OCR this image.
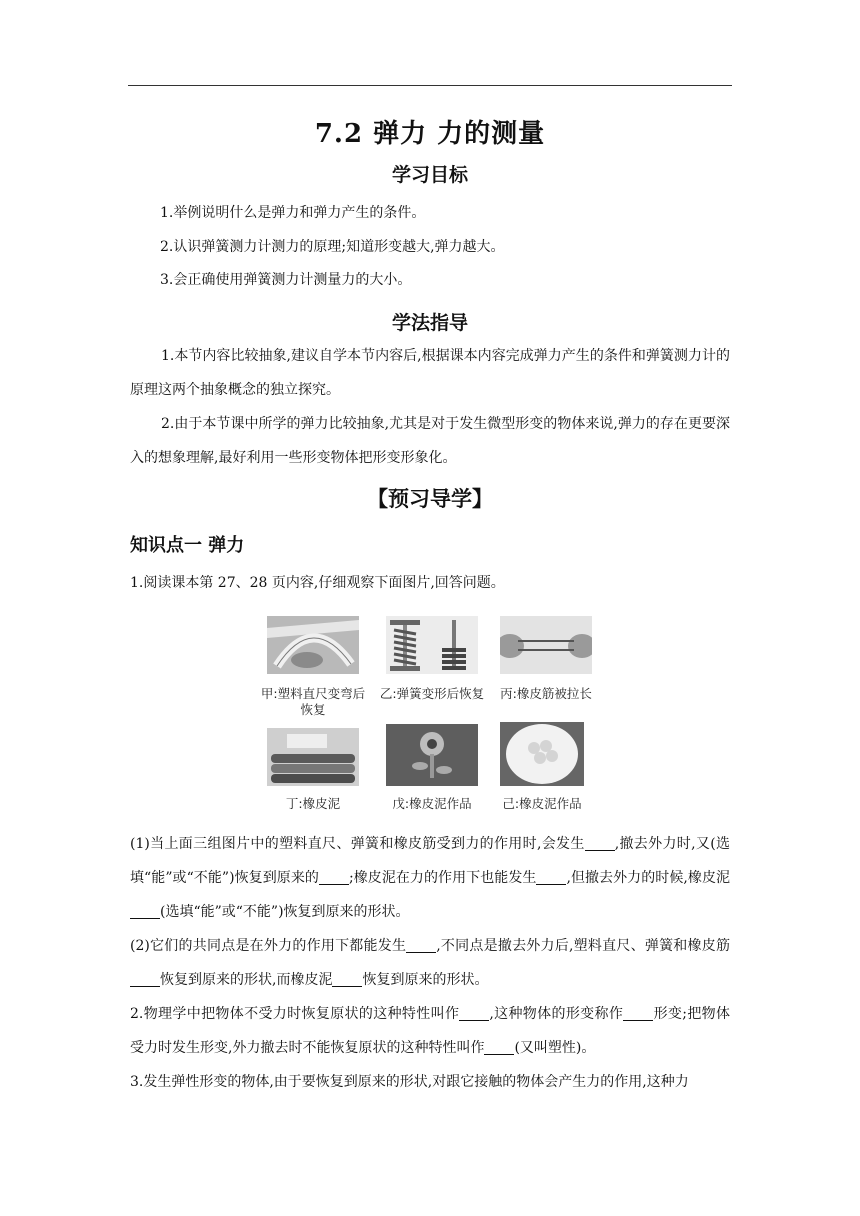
7.2 弹力 力的测量
学习目标
1.举例说明什么是弹力和弹力产生的条件。
2.认识弹簧测力计测力的原理;知道形变越大,弹力越大。
3.会正确使用弹簧测力计测量力的大小。
学法指导
1.本节内容比较抽象,建议自学本节内容后,根据课本内容完成弹力产生的条件和弹簧测力计的原理这两个抽象概念的独立探究。
2.由于本节课中所学的弹力比较抽象,尤其是对于发生微型形变的物体来说,弹力的存在更要深入的想象理解,最好利用一些形变物体把形变形象化。
【预习导学】
知识点一 弹力
1.阅读课本第 27、28 页内容,仔细观察下面图片,回答问题。
甲:塑料直尺变弯后恢复
乙:弹簧变形后恢复	丙:橡皮筋被拉长
丁:橡皮泥	戊:橡皮泥作品	己:橡皮泥作品
(1)当上面三组图片中的塑料直尺、弹簧和橡皮筋受到力的作用时,会发生 ,撤去外力时,又(选填“能”或“不能”)恢复到原来的 ;橡皮泥在力的作用下也能发生 ,但撤去外力的时候,橡皮泥(选填“能”或“不能”)恢复到原来的形状。
(2)它们的共同点是在外力的作用下都能发生 ,不同点是撤去外力后,塑料直尺、弹簧和橡皮筋恢复到原来的形状,而橡皮泥 恢复到原来的形状。
2.物理学中把物体不受力时恢复原状的这种特性叫作 ,这种物体的形变称作 形变;把物体受力时发生形变,外力撤去时不能恢复原状的这种特性叫作 (又叫塑性)。
3.发生弹性形变的物体,由于要恢复到原来的形状,对跟它接触的物体会产生力的作用,这种力
